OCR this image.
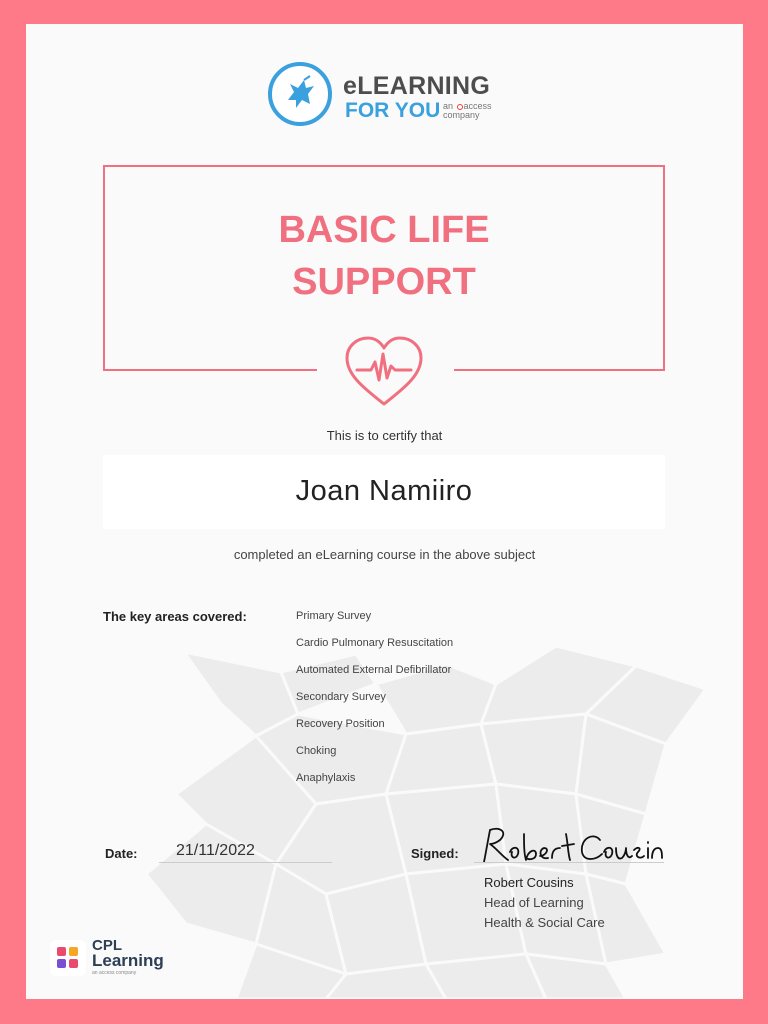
eLEARNING
FOR YOU an access
company
BASIC LIFE
SUPPORT
This is to certify that
Joan Namiiro
completed an eLearning course in the above subject
The key areas covered:	Primary Survey
Cardio Pulmonary Resuscitation
Automated External Defibrillator
Secondary Survey
Recovery Position
Choking
Anaphylaxis
Date: 21/11/2022	Signed:
Robert Cousins
Head of Learning
Health & Social Care
CPL
Learning
an access company
